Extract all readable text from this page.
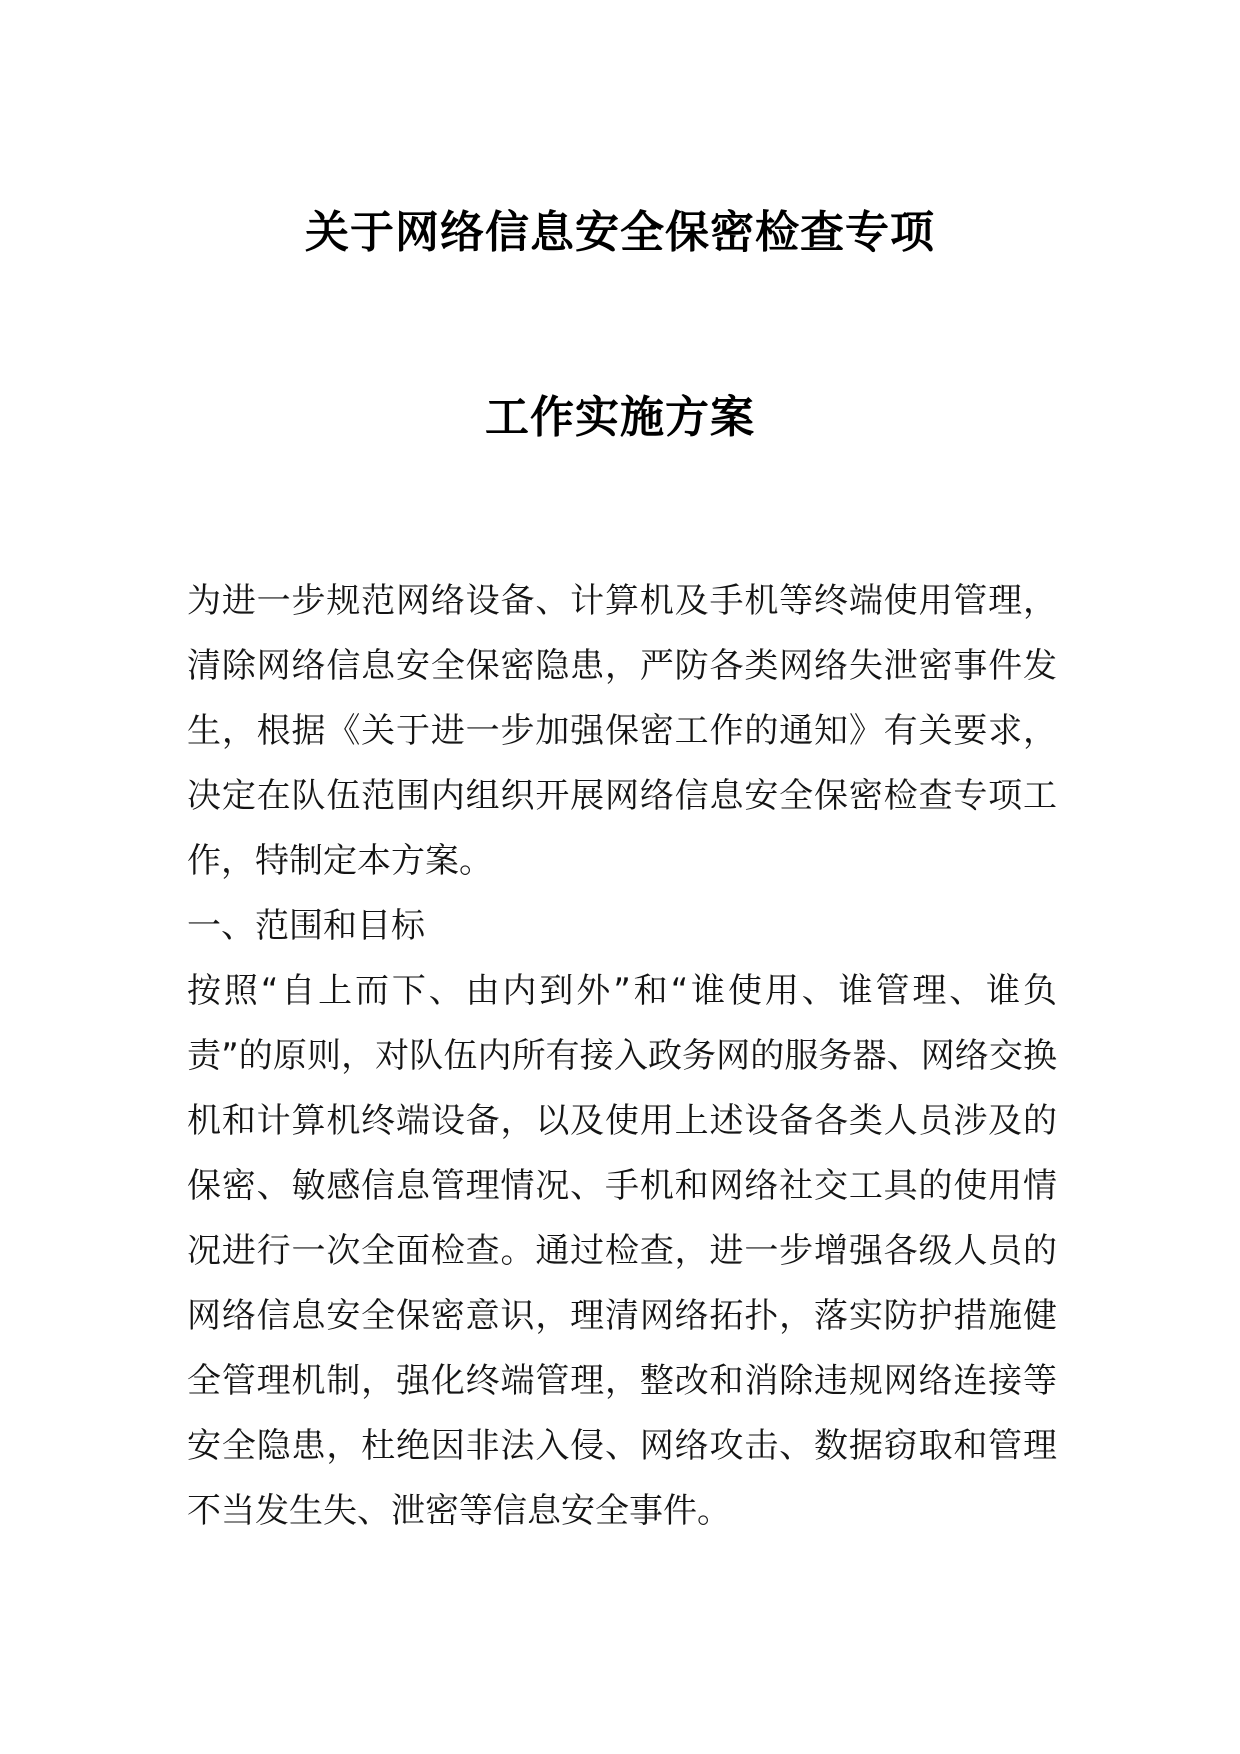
关于网络信息安全保密检查专项
工作实施方案

为进一步规范网络设备、计算机及手机等终端使用管理，清除网络信息安全保密隐患，严防各类网络失泄密事件发生，根据《关于进一步加强保密工作的通知》有关要求，决定在队伍范围内组织开展网络信息安全保密检查专项工作，特制定本方案。

一、范围和目标

按照“自上而下、由内到外”和“谁使用、谁管理、谁负责”的原则，对队伍内所有接入政务网的服务器、网络交换机和计算机终端设备，以及使用上述设备各类人员涉及的保密、敏感信息管理情况、手机和网络社交工具的使用情况进行一次全面检查。通过检查，进一步增强各级人员的网络信息安全保密意识，理清网络拓扑，落实防护措施健全管理机制，强化终端管理，整改和消除违规网络连接等安全隐患，杜绝因非法入侵、网络攻击、数据窃取和管理不当发生失、泄密等信息安全事件。
